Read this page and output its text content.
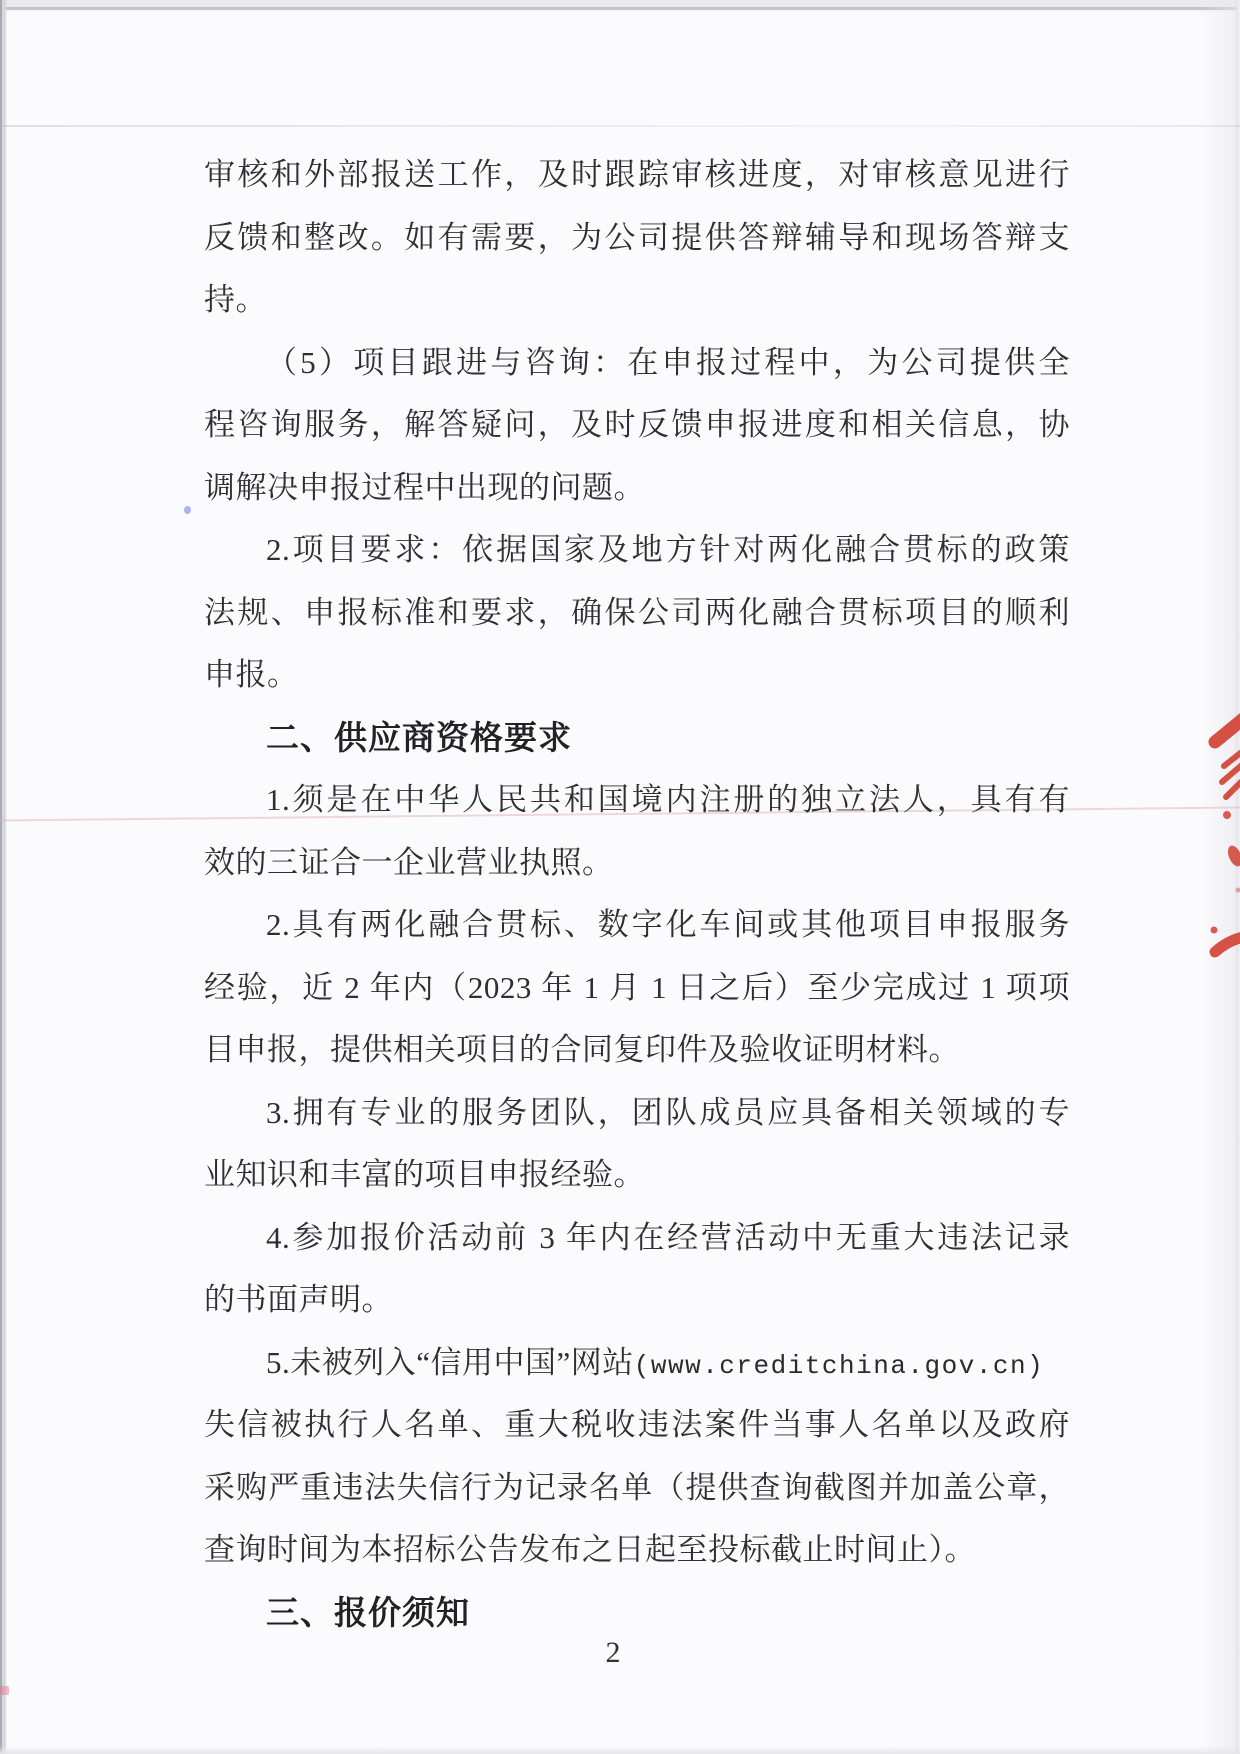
审核和外部报送工作，及时跟踪审核进度，对审核意见进行
反馈和整改。如有需要，为公司提供答辩辅导和现场答辩支
持。
（5）项目跟进与咨询：在申报过程中，为公司提供全
程咨询服务，解答疑问，及时反馈申报进度和相关信息，协
调解决申报过程中出现的问题。
2.项目要求：依据国家及地方针对两化融合贯标的政策
法规、申报标准和要求，确保公司两化融合贯标项目的顺利
申报。
二、供应商资格要求
1.须是在中华人民共和国境内注册的独立法人，具有有
效的三证合一企业营业执照。
2.具有两化融合贯标、数字化车间或其他项目申报服务
经验，近 2 年内（2023 年 1 月 1 日之后）至少完成过 1 项项
目申报，提供相关项目的合同复印件及验收证明材料。
3.拥有专业的服务团队，团队成员应具备相关领域的专
业知识和丰富的项目申报经验。
4.参加报价活动前 3 年内在经营活动中无重大违法记录
的书面声明。
5.未被列入“信用中国”网站(www.creditchina.gov.cn)
失信被执行人名单、重大税收违法案件当事人名单以及政府
采购严重违法失信行为记录名单（提供查询截图并加盖公章，
查询时间为本招标公告发布之日起至投标截止时间止）。
三、报价须知
2
